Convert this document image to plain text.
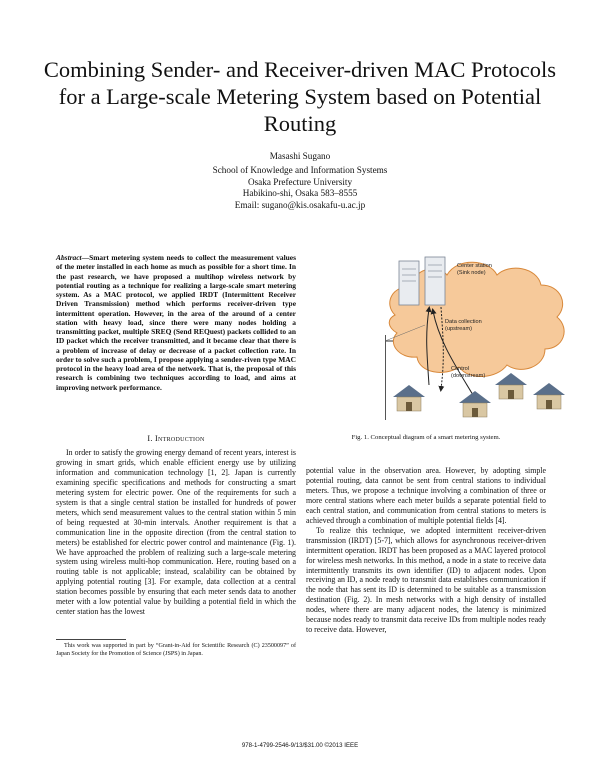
Combining Sender- and Receiver-driven MAC Protocols for a Large-scale Metering System based on Potential Routing
Masashi Sugano
School of Knowledge and Information Systems
Osaka Prefecture University
Habikino-shi, Osaka 583–8555
Email: sugano@kis.osakafu-u.ac.jp

Abstract—Smart metering system needs to collect the measurement values of the meter installed in each home as much as possible for a short time. In the past research, we have proposed a multihop wireless network by potential routing as a technique for realizing a large-scale smart metering system. As a MAC protocol, we applied IRDT (Intermittent Receiver Driven Transmission) method which performs receiver-driven type intermittent operation. However, in the area of the around of a center station with heavy load, since there were many nodes holding a transmitting packet, multiple SREQ (Send REQuest) packets collided to an ID packet which the receiver transmitted, and it became clear that there is a problem of increase of delay or decrease of a packet collection rate. In order to solve such a problem, I propose applying a sender-riven type MAC protocol in the heavy load area of the network. That is, the proposal of this research is combining two techniques according to load, and aims at improving network performance.

I. Introduction

In order to satisfy the growing energy demand of recent years, interest is growing in smart grids, which enable efficient energy use by utilizing information and communication technology [1, 2]. Japan is currently examining specific specifications and methods for constructing a smart metering system for electric power. One of the requirements for such a system is that a single central station be installed for hundreds of power meters, which send measurement values to the central station within 5 min of being requested at 30-min intervals. Another requirement is that a communication line in the opposite direction (from the central station to meters) be established for electric power control and maintenance (Fig. 1). We have approached the problem of realizing such a large-scale metering system using wireless multi-hop communication. Here, routing based on a routing table is not applicable; instead, scalability can be obtained by applying potential routing [3]. For example, data collection at a central station becomes possible by ensuring that each meter sends data to another meter with a low potential value by building a potential field in which the center station has the lowest

This work was supported in part by “Grant-in-Aid for Scientific Research (C) 23500097” of Japan Society for the Promotion of Science (JSPS) in Japan.

Center station
(Sink node)
Data collection
(upstream)
Control
(downstream)

Fig. 1. Conceptual diagram of a smart metering system.

potential value in the observation area. However, by adopting simple potential routing, data cannot be sent from central stations to individual meters. Thus, we propose a technique involving a combination of three or more central stations where each meter builds a separate potential field to each central station, and communication from central stations to meters is achieved through a combination of multiple potential fields [4].

To realize this technique, we adopted intermittent receiver-driven transmission (IRDT) [5-7], which allows for asynchronous receiver-driven intermittent operation. IRDT has been proposed as a MAC layered protocol for wireless mesh networks. In this method, a node in a state to receive data intermittently transmits its own identifier (ID) to adjacent nodes. Upon receiving an ID, a node ready to transmit data establishes communication if the node that has sent its ID is determined to be suitable as a transmission destination (Fig. 2). In mesh networks with a high density of installed nodes, where there are many adjacent nodes, the latency is minimized because nodes ready to transmit data receive IDs from multiple nodes ready to receive data. However,

978-1-4799-2546-9/13/$31.00 ©2013 IEEE
